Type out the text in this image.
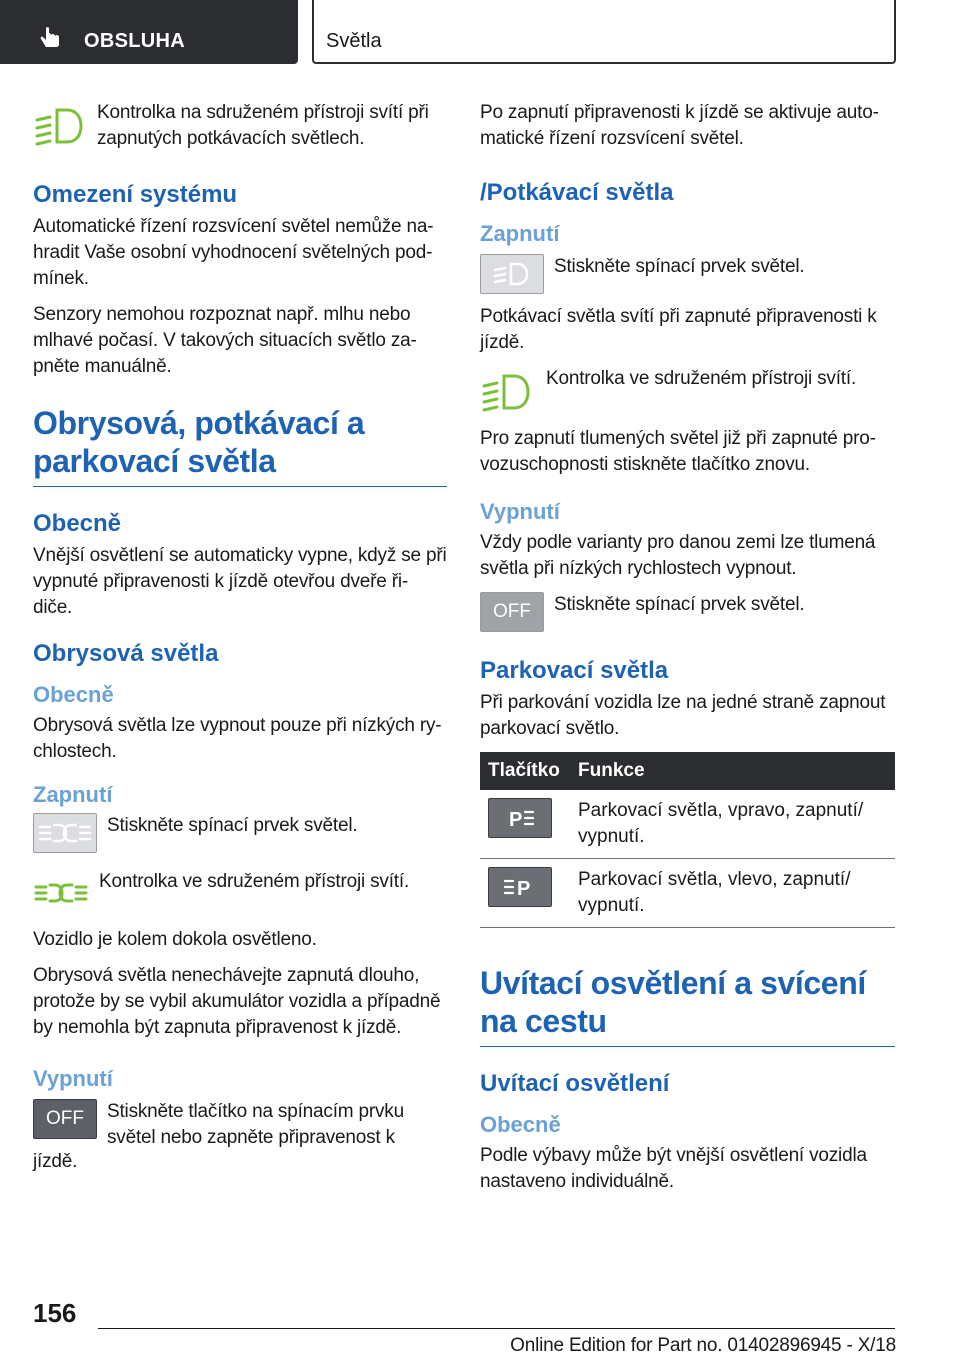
OBSLUHA	Světla

Kontrolka na sdruženém přístroji svítí při zapnutých potkávacích světlech.

Omezení systému

Automatické řízení rozsvícení světel nemůže na-hradit Vaše osobní vyhodnocení světelných pod-mínek.

Senzory nemohou rozpoznat např. mlhu nebo mlhavé počasí. V takových situacích světlo za-pněte manuálně.

Obrysová, potkávací a parkovací světla
Obecně

Vnější osvětlení se automaticky vypne, když se při vypnuté připravenosti k jízdě otevřou dveře ři-diče.

Obrysová světla
Obecně

Obrysová světla lze vypnout pouze při nízkých ry-chlostech.

Zapnutí

Stiskněte spínací prvek světel.

Kontrolka ve sdruženém přístroji svítí.

Vozidlo je kolem dokola osvětleno.

Obrysová světla nenechávejte zapnutá dlouho, protože by se vybil akumulátor vozidla a případně by nemohla být zapnuta připravenost k jízdě.

Vypnutí
OFF Stiskněte tlačítko na spínacím prvku světel nebo zapněte připravenost k

jízdě.

Po zapnutí připravenosti k jízdě se aktivuje auto-matické řízení rozsvícení světel.

/Potkávací světla
Zapnutí

Stiskněte spínací prvek světel.

Potkávací světla svítí při zapnuté připravenosti k jízdě.

Kontrolka ve sdruženém přístroji svítí.

Pro zapnutí tlumených světel již při zapnuté pro-vozuschopnosti stiskněte tlačítko znovu.

Vypnutí

Vždy podle varianty pro danou zemi lze tlumená světla při nízkých rychlostech vypnout.

OFF Stiskněte spínací prvek světel.

Parkovací světla

Při parkování vozidla lze na jedné straně zapnout parkovací světlo.

Tlačítko	Funkce

P	Parkovací světla, vpravo, zapnutí/ vypnutí.

P	Parkovací světla, vlevo, zapnutí/ vypnutí.
Uvítací osvětlení a svícení na cestu
Uvítací osvětlení
Obecně

Podle výbavy může být vnější osvětlení vozidla nastaveno individuálně.

156
Online Edition for Part no. 01402896945 - X/18
